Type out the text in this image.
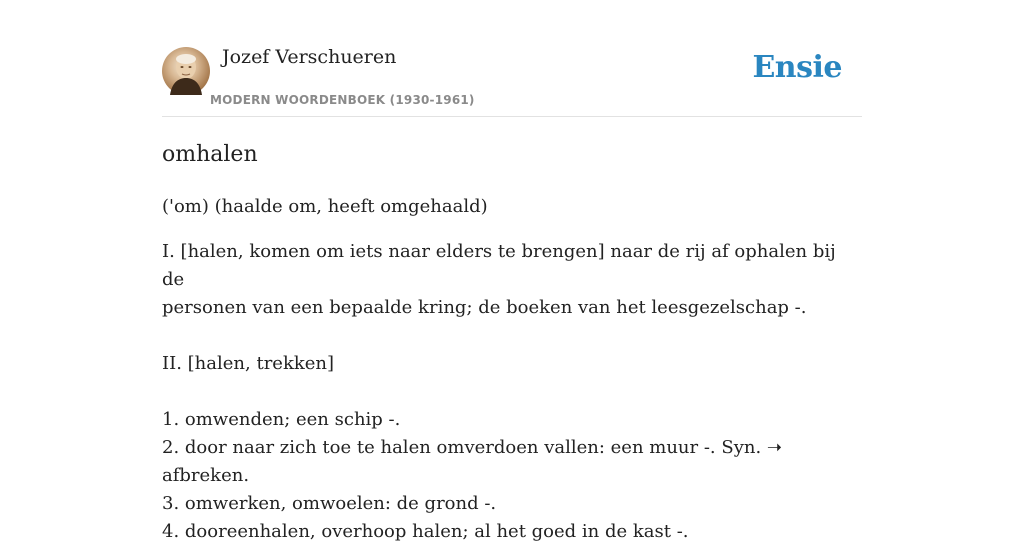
Jozef Verschueren
MODERN WOORDENBOEK (1930-1961)
Ensie
omhalen
('om) (haalde om, heeft omgehaald)

I. [halen, komen om iets naar elders te brengen] naar de rij af ophalen bij de

personen van een bepaalde kring; de boeken van het leesgezelschap -.

II. [halen, trekken]

1. omwenden; een schip -.

2. door naar zich toe te halen omverdoen vallen: een muur -. Syn. ➝ afbreken.

3. omwerken, omwoelen: de grond -.

4. dooreenhalen, overhoop halen; al het goed in de kast -.
